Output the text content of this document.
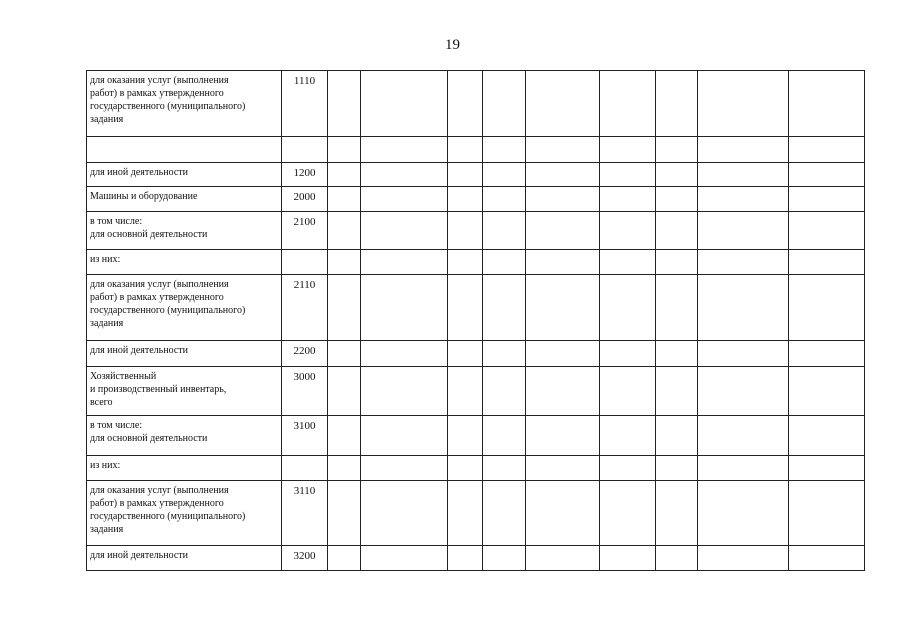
19
для оказания услуг (выполнения
работ) в рамках утвержденного
государственного (муниципального)
задания	1110									

для иной деятельности	1200									
Машины и оборудование	2000									
в том числе:
для основной деятельности	2100									
из них:										
для оказания услуг (выполнения
работ) в рамках утвержденного
государственного (муниципального)
задания	2110									
для иной деятельности	2200									
Хозяйственный
и производственный инвентарь,
всего	3000									
в том числе:
для основной деятельности	3100									
из них:										
для оказания услуг (выполнения
работ) в рамках утвержденного
государственного (муниципального)
задания	3110									
для иной деятельности	3200									
